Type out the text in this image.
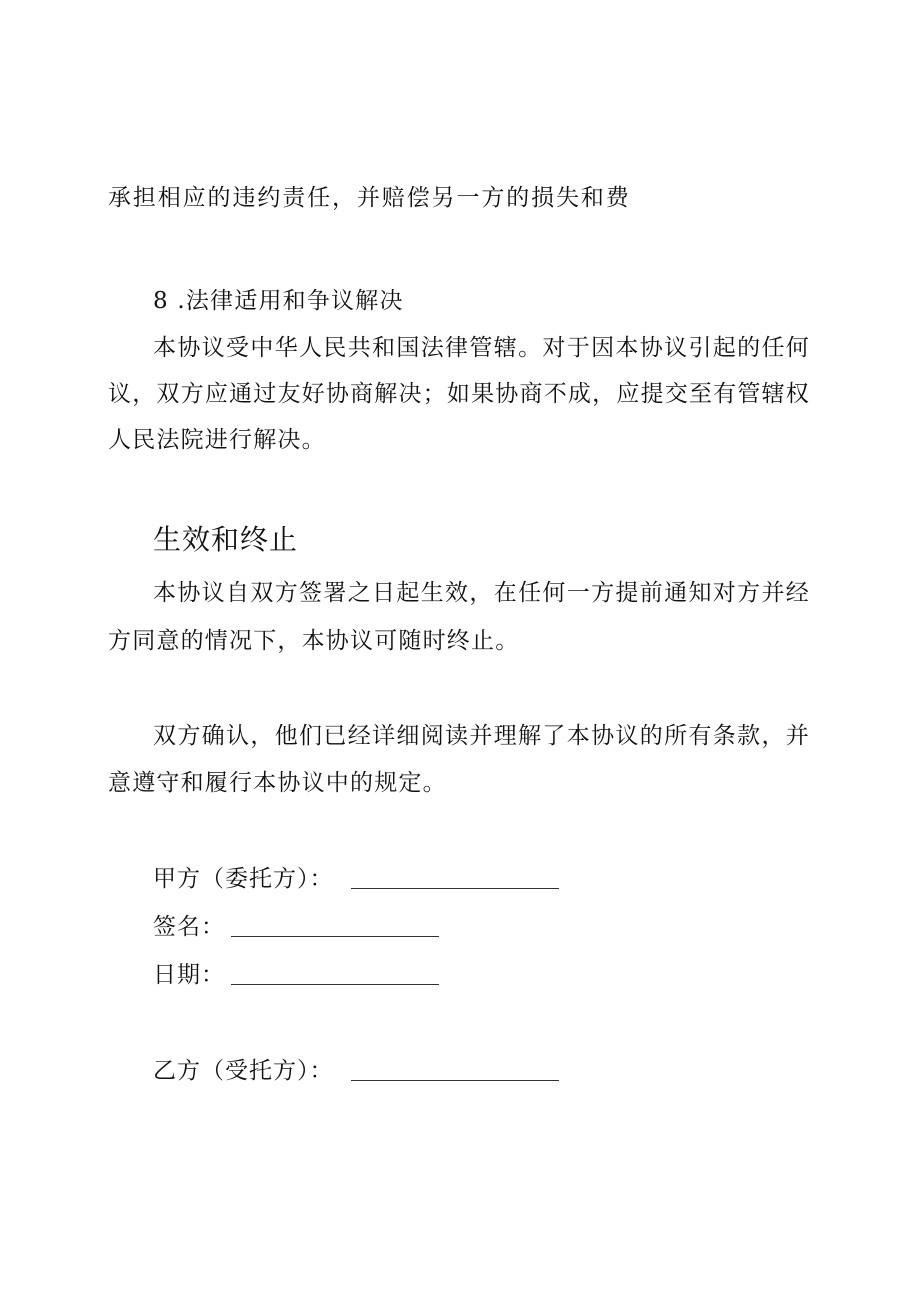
承担相应的违约责任，并赔偿另一方的损失和费
8 .法律适用和争议解决
本协议受中华人民共和国法律管辖。对于因本协议引起的任何
议，双方应通过友好协商解决；如果协商不成，应提交至有管辖权
人民法院进行解决。
生效和终止
本协议自双方签署之日起生效，在任何一方提前通知对方并经
方同意的情况下，本协议可随时终止。
双方确认，他们已经详细阅读并理解了本协议的所有条款，并
意遵守和履行本协议中的规定。
甲方（委托方）：
签名：
日期：
乙方（受托方）：
